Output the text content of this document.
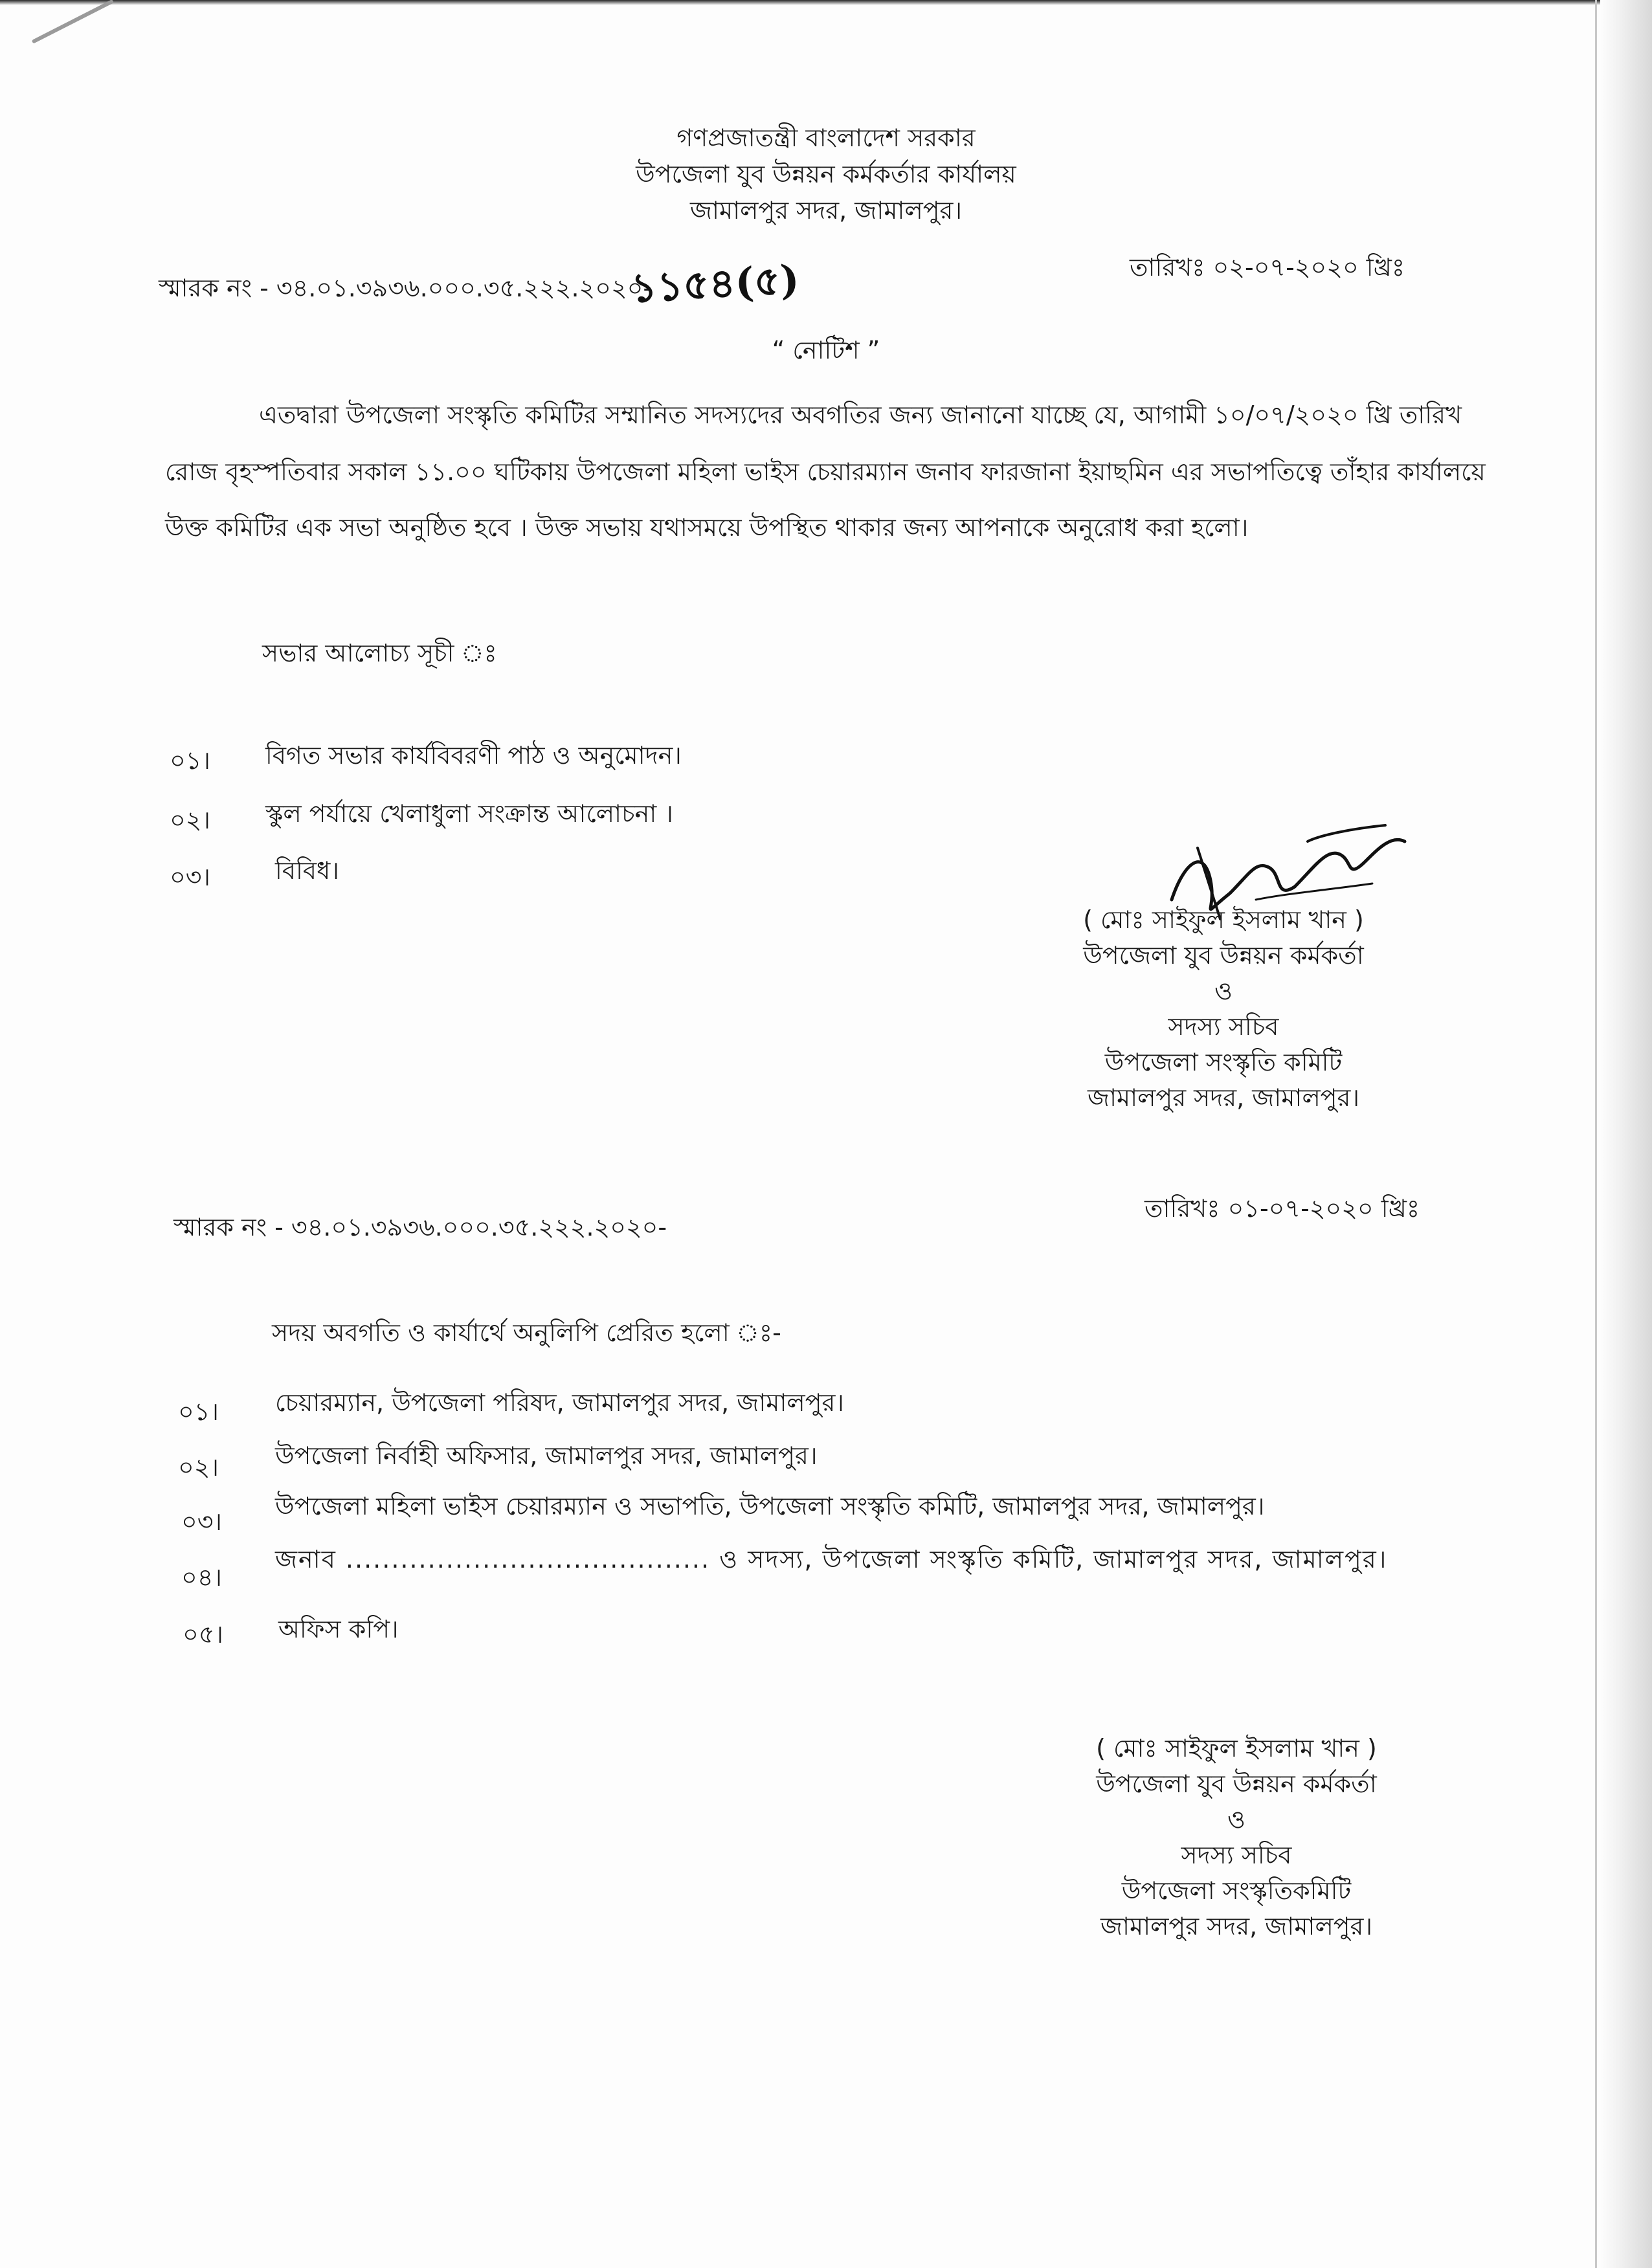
গণপ্রজাতন্ত্রী বাংলাদেশ সরকার
উপজেলা যুব উন্নয়ন কর্মকর্তার কার্যালয়
জামালপুর সদর, জামালপুর।
স্মারক নং - ৩৪.০১.৩৯৩৬.০০০.৩৫.২২২.২০২০-
১১৫৪(৫)	তারিখঃ ০২-০৭-২০২০ খ্রিঃ
“ নোটিশ ”
এতদ্বারা উপজেলা সংস্কৃতি কমিটির সম্মানিত সদস্যদের অবগতির জন্য জানানো যাচ্ছে যে, আগামী ১০/০৭/২০২০ খ্রি তারিখ
রোজ বৃহস্পতিবার সকাল ১১.০০ ঘটিকায় উপজেলা মহিলা ভাইস চেয়ারম্যান জনাব ফারজানা ইয়াছমিন এর সভাপতিত্বে তাঁহার কার্যালয়ে
উক্ত কমিটির এক সভা অনুষ্ঠিত হবে । উক্ত সভায় যথাসময়ে উপস্থিত থাকার জন্য আপনাকে অনুরোধ করা হলো।
সভার আলোচ্য সূচী ঃ
০১। বিগত সভার কার্যবিবরণী পাঠ ও অনুমোদন।
০২। স্কুল পর্যায়ে খেলাধুলা সংক্রান্ত আলোচনা ।
০৩।	বিবিধ।
( মোঃ সাইফুল ইসলাম খান )
উপজেলা যুব উন্নয়ন কর্মকর্তা
ও
সদস্য সচিব
উপজেলা সংস্কৃতি কমিটি
জামালপুর সদর, জামালপুর।
স্মারক নং - ৩৪.০১.৩৯৩৬.০০০.৩৫.২২২.২০২০-
তারিখঃ ০১-০৭-২০২০ খ্রিঃ
সদয় অবগতি ও কার্যার্থে অনুলিপি প্রেরিত হলো ঃ-
০১। চেয়ারম্যান, উপজেলা পরিষদ, জামালপুর সদর, জামালপুর।
০২। উপজেলা নির্বাহী অফিসার, জামালপুর সদর, জামালপুর।
০৩।
উপজেলা মহিলা ভাইস চেয়ারম্যান ও সভাপতি, উপজেলা সংস্কৃতি কমিটি, জামালপুর সদর, জামালপুর।
০৪।
জনাব ........................................ ও সদস্য, উপজেলা সংস্কৃতি কমিটি, জামালপুর সদর, জামালপুর।
০৫। অফিস কপি।
( মোঃ সাইফুল ইসলাম খান )
উপজেলা যুব উন্নয়ন কর্মকর্তা
ও
সদস্য সচিব
উপজেলা সংস্কৃতিকমিটি
জামালপুর সদর, জামালপুর।
